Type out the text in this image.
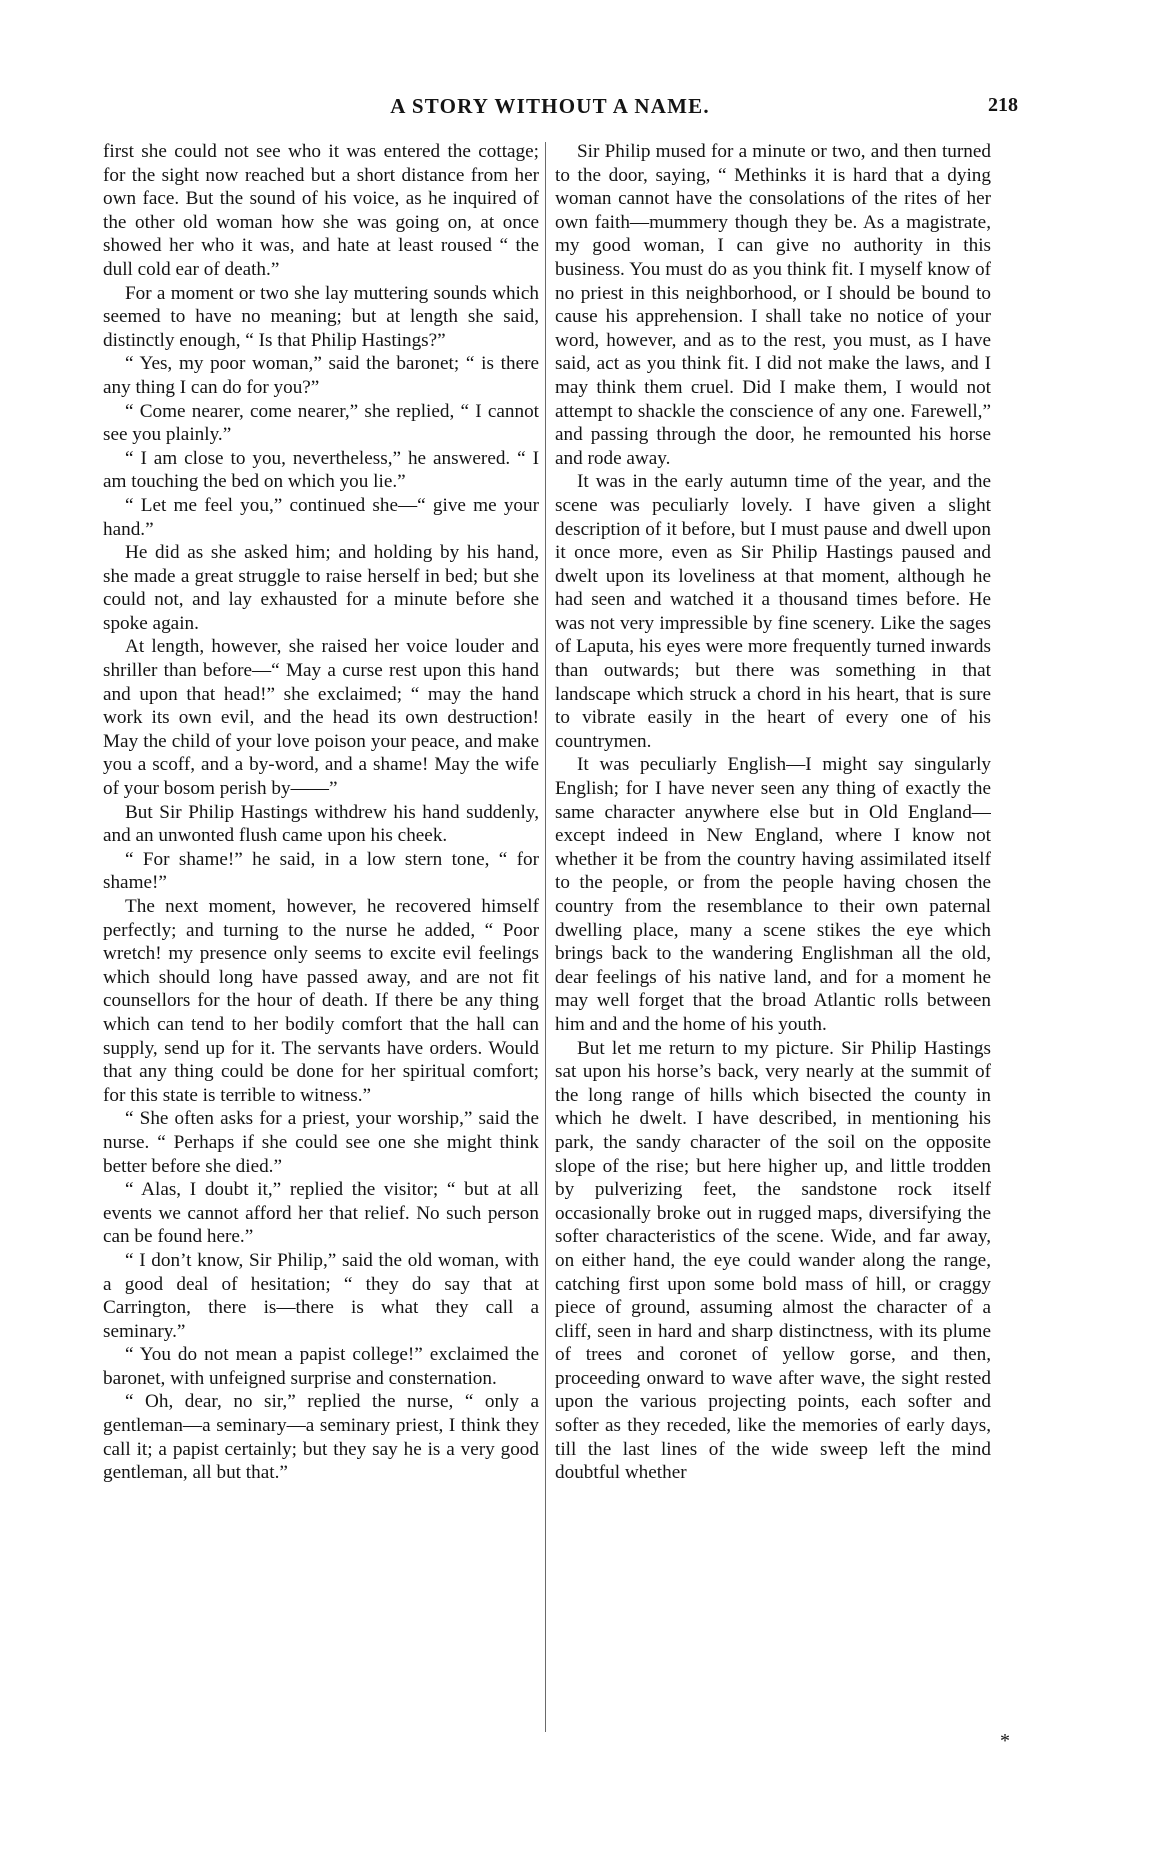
A STORY WITHOUT A NAME.	218

first she could not see who it was entered the cottage; for the sight now reached but a short distance from her own face. But the sound of his voice, as he inquired of the other old woman how she was going on, at once showed her who it was, and hate at least roused “ the dull cold ear of death.”

For a moment or two she lay muttering sounds which seemed to have no meaning; but at length she said, distinctly enough, “ Is that Philip Hastings?”

“ Yes, my poor woman,” said the baronet; “ is there any thing I can do for you?”

“ Come nearer, come nearer,” she replied, “ I cannot see you plainly.”

“ I am close to you, nevertheless,” he answered. “ I am touching the bed on which you lie.”

“ Let me feel you,” continued she—“ give me your hand.”

He did as she asked him; and holding by his hand, she made a great struggle to raise herself in bed; but she could not, and lay exhausted for a minute before she spoke again.

At length, however, she raised her voice louder and shriller than before—“ May a curse rest upon this hand and upon that head!” she exclaimed; “ may the hand work its own evil, and the head its own destruction! May the child of your love poison your peace, and make you a scoff, and a by-word, and a shame! May the wife of your bosom perish by——”

But Sir Philip Hastings withdrew his hand suddenly, and an unwonted flush came upon his cheek.

“ For shame!” he said, in a low stern tone, “ for shame!”

The next moment, however, he recovered himself perfectly; and turning to the nurse he added, “ Poor wretch! my presence only seems to excite evil feelings which should long have passed away, and are not fit counsellors for the hour of death. If there be any thing which can tend to her bodily comfort that the hall can supply, send up for it. The servants have orders. Would that any thing could be done for her spiritual comfort; for this state is terrible to witness.”

“ She often asks for a priest, your worship,” said the nurse. “ Perhaps if she could see one she might think better before she died.”

“ Alas, I doubt it,” replied the visitor; “ but at all events we cannot afford her that relief. No such person can be found here.”

“ I don’t know, Sir Philip,” said the old woman, with a good deal of hesitation; “ they do say that at Carrington, there is—there is what they call a seminary.”

“ You do not mean a papist college!” exclaimed the baronet, with unfeigned surprise and consternation.

“ Oh, dear, no sir,” replied the nurse, “ only a gentleman—a seminary—a seminary priest, I think they call it; a papist certainly; but they say he is a very good gentleman, all but that.”

Sir Philip mused for a minute or two, and then turned to the door, saying, “ Methinks it is hard that a dying woman cannot have the consolations of the rites of her own faith—mummery though they be. As a magistrate, my good woman, I can give no authority in this business. You must do as you think fit. I myself know of no priest in this neighborhood, or I should be bound to cause his apprehension. I shall take no notice of your word, however, and as to the rest, you must, as I have said, act as you think fit. I did not make the laws, and I may think them cruel. Did I make them, I would not attempt to shackle the conscience of any one. Farewell,” and passing through the door, he remounted his horse and rode away.

It was in the early autumn time of the year, and the scene was peculiarly lovely. I have given a slight description of it before, but I must pause and dwell upon it once more, even as Sir Philip Hastings paused and dwelt upon its loveliness at that moment, although he had seen and watched it a thousand times before. He was not very impressible by fine scenery. Like the sages of Laputa, his eyes were more frequently turned inwards than outwards; but there was something in that landscape which struck a chord in his heart, that is sure to vibrate easily in the heart of every one of his countrymen.

It was peculiarly English—I might say singularly English; for I have never seen any thing of exactly the same character anywhere else but in Old England—except indeed in New England, where I know not whether it be from the country having assimilated itself to the people, or from the people having chosen the country from the resemblance to their own paternal dwelling place, many a scene stikes the eye which brings back to the wandering Englishman all the old, dear feelings of his native land, and for a moment he may well forget that the broad Atlantic rolls between him and and the home of his youth.

But let me return to my picture. Sir Philip Hastings sat upon his horse’s back, very nearly at the summit of the long range of hills which bisected the county in which he dwelt. I have described, in mentioning his park, the sandy character of the soil on the opposite slope of the rise; but here higher up, and little trodden by pulverizing feet, the sandstone rock itself occasionally broke out in rugged maps, diversifying the softer characteristics of the scene. Wide, and far away, on either hand, the eye could wander along the range, catching first upon some bold mass of hill, or craggy piece of ground, assuming almost the character of a cliff, seen in hard and sharp distinctness, with its plume of trees and coronet of yellow gorse, and then, proceeding onward to wave after wave, the sight rested upon the various projecting points, each softer and softer as they receded, like the memories of early days, till the last lines of the wide sweep left the mind doubtful whether

*
